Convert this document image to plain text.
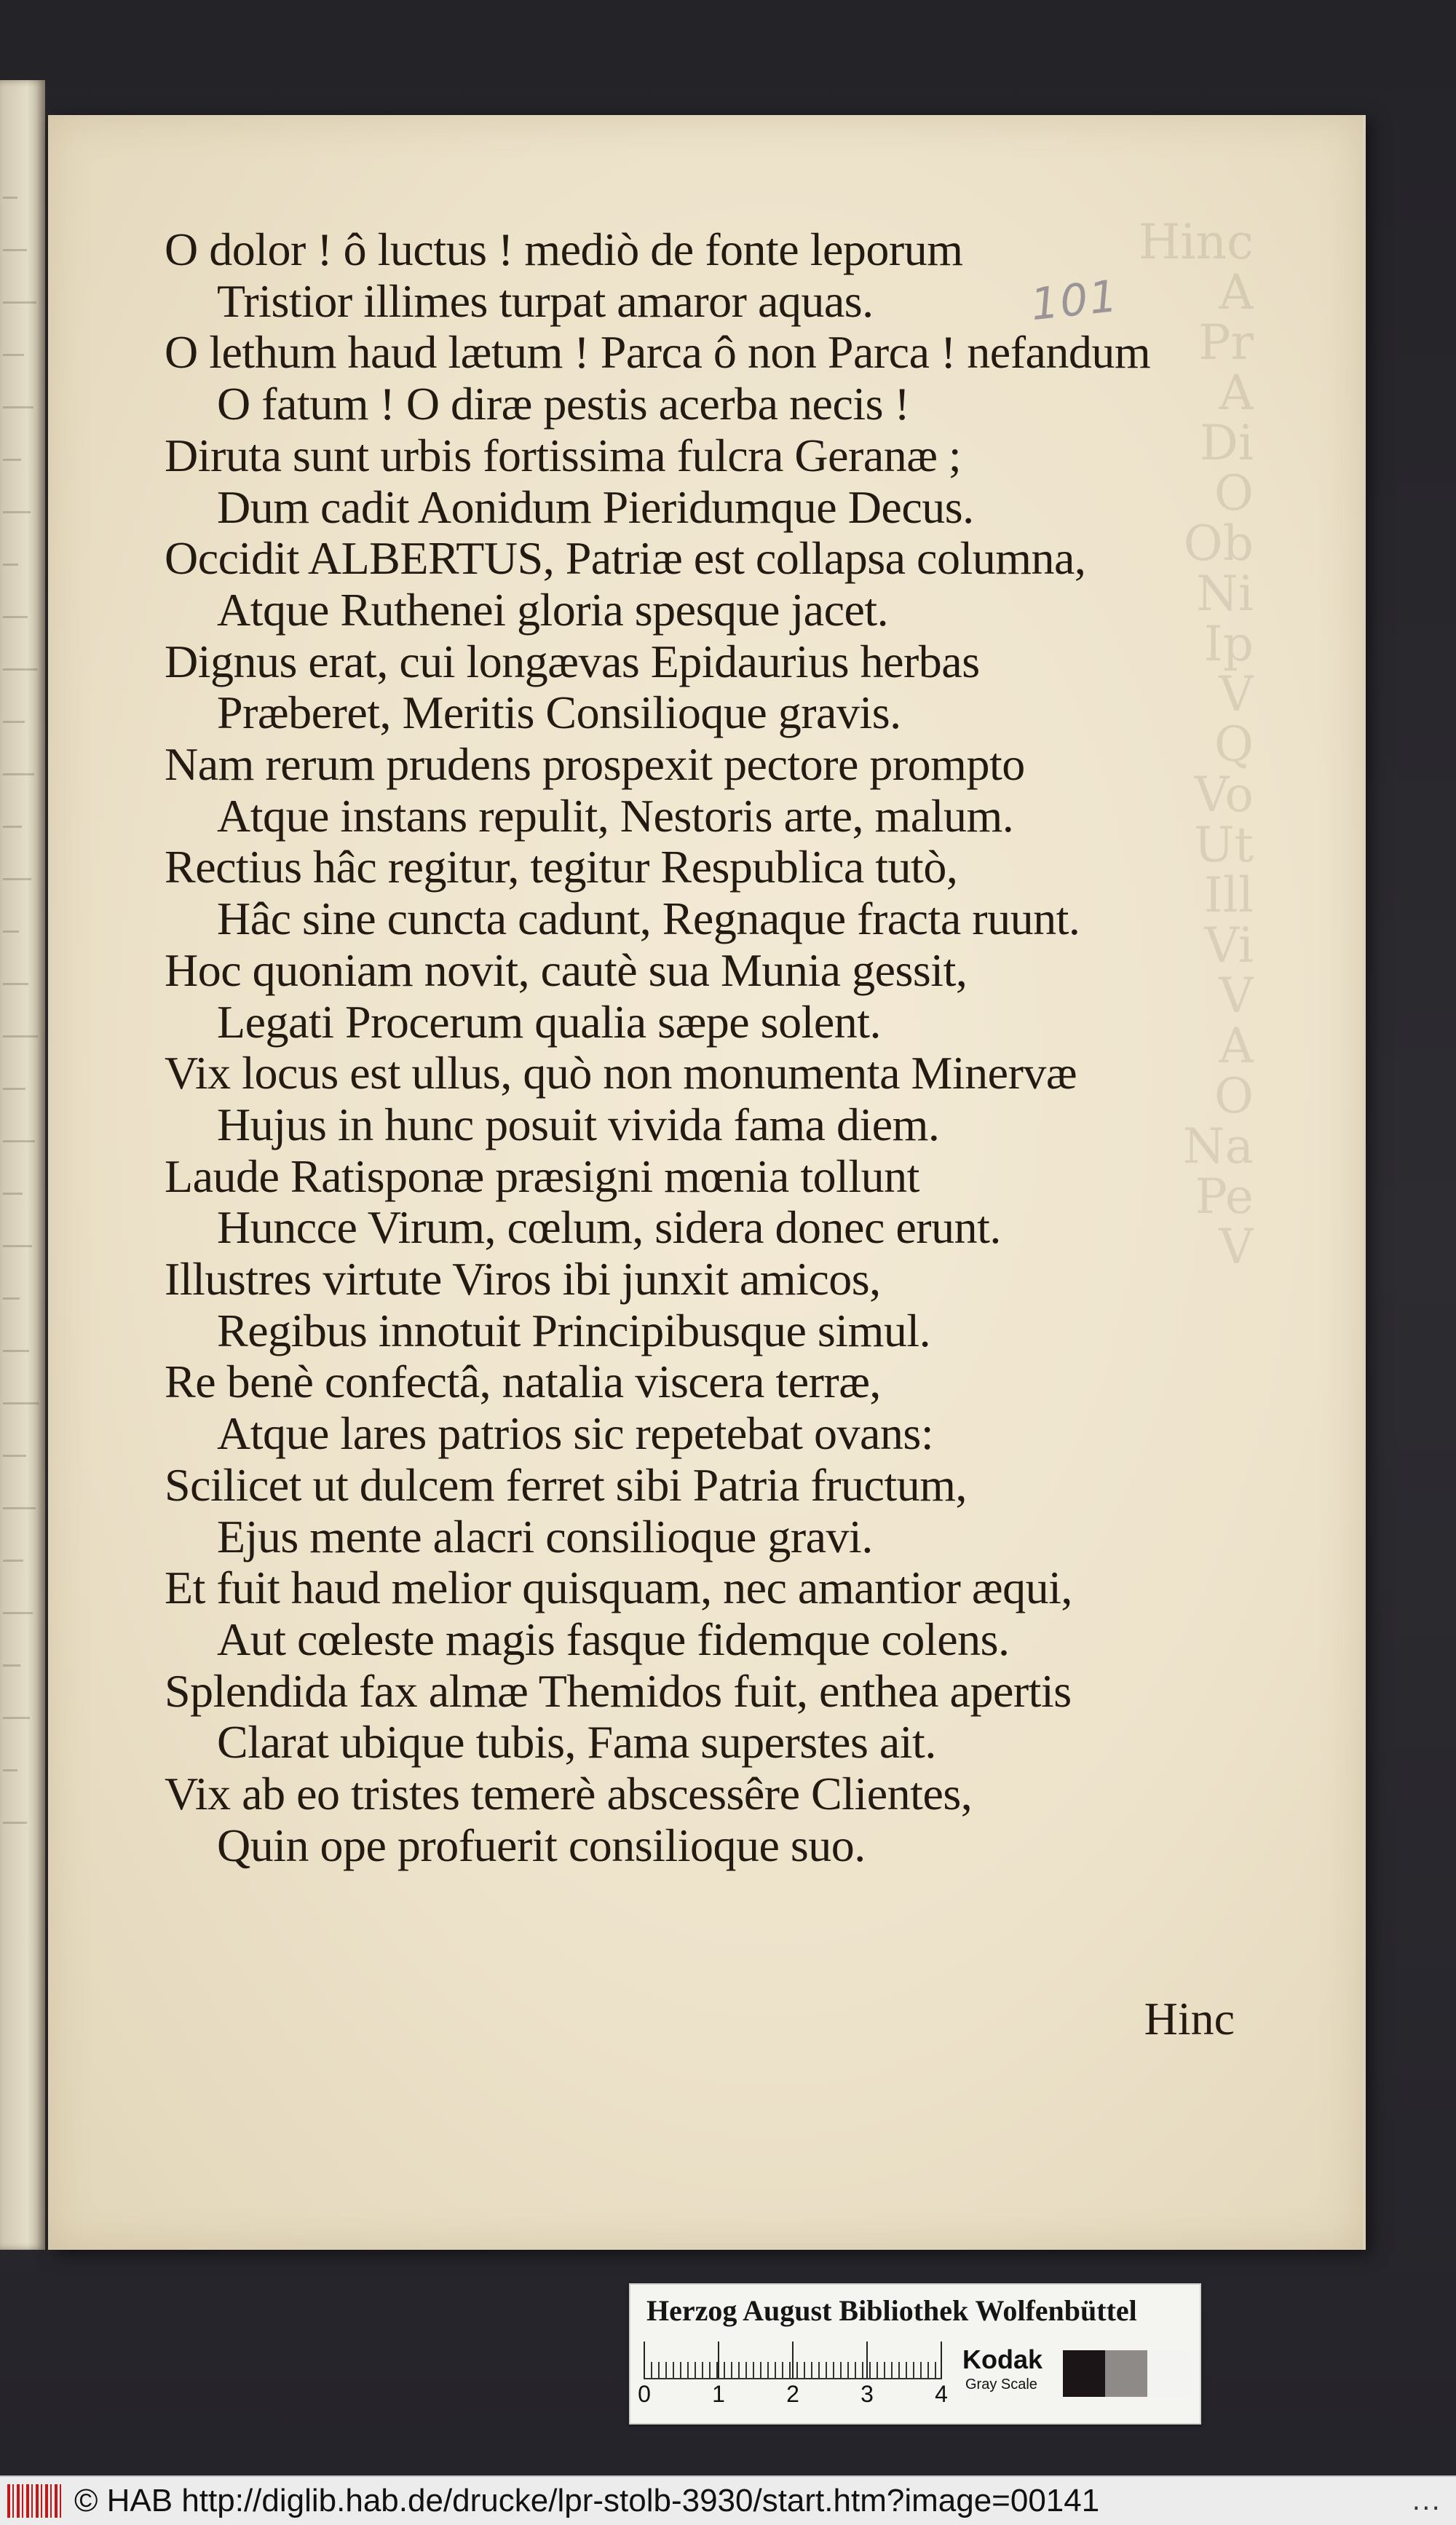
Hinc
A
Pr
A
Di
O
Ob
Ni
Ip
V
Q
Vo
Ut
Ill
Vi
V
A
O
Na
Pe
V
101
O dolor ! ô luctus ! mediò de fonte leporum
Tristior illimes turpat amaror aquas.
O lethum haud lætum ! Parca ô non Parca ! nefandum
O fatum ! O diræ pestis acerba necis !
Diruta sunt urbis fortissima fulcra Geranæ ;
Dum cadit Aonidum Pieridumque Decus.
Occidit ALBERTUS, Patriæ est collapsa columna,
Atque Ruthenei gloria spesque jacet.
Dignus erat, cui longævas Epidaurius herbas
Præberet, Meritis Consilioque gravis.
Nam rerum prudens prospexit pectore prompto
Atque instans repulit, Nestoris arte, malum.
Rectius hâc regitur, tegitur Respublica tutò,
Hâc sine cuncta cadunt, Regnaque fracta ruunt.
Hoc quoniam novit, cautè sua Munia gessit,
Legati Procerum qualia sæpe solent.
Vix locus est ullus, quò non monumenta Minervæ
Hujus in hunc posuit vivida fama diem.
Laude Ratisponæ præsigni mœnia tollunt
Huncce Virum, cœlum, sidera donec erunt.
Illustres virtute Viros ibi junxit amicos,
Regibus innotuit Principibusque simul.
Re benè confectâ, natalia viscera terræ,
Atque lares patrios sic repetebat ovans:
Scilicet ut dulcem ferret sibi Patria fructum,
Ejus mente alacri consilioque gravi.
Et fuit haud melior quisquam, nec amantior æqui,
Aut cœleste magis fasque fidemque colens.
Splendida fax almæ Themidos fuit, enthea apertis
Clarat ubique tubis, Fama superstes ait.
Vix ab eo tristes temerè abscessêre Clientes,
Quin ope profuerit consilioque suo.
Hinc
Herzog August Bibliothek Wolfenbüttel
0	1	2	3	4
Kodak
Gray Scale
© HAB http://diglib.hab.de/drucke/lpr-stolb-3930/start.htm?image=00141	...
